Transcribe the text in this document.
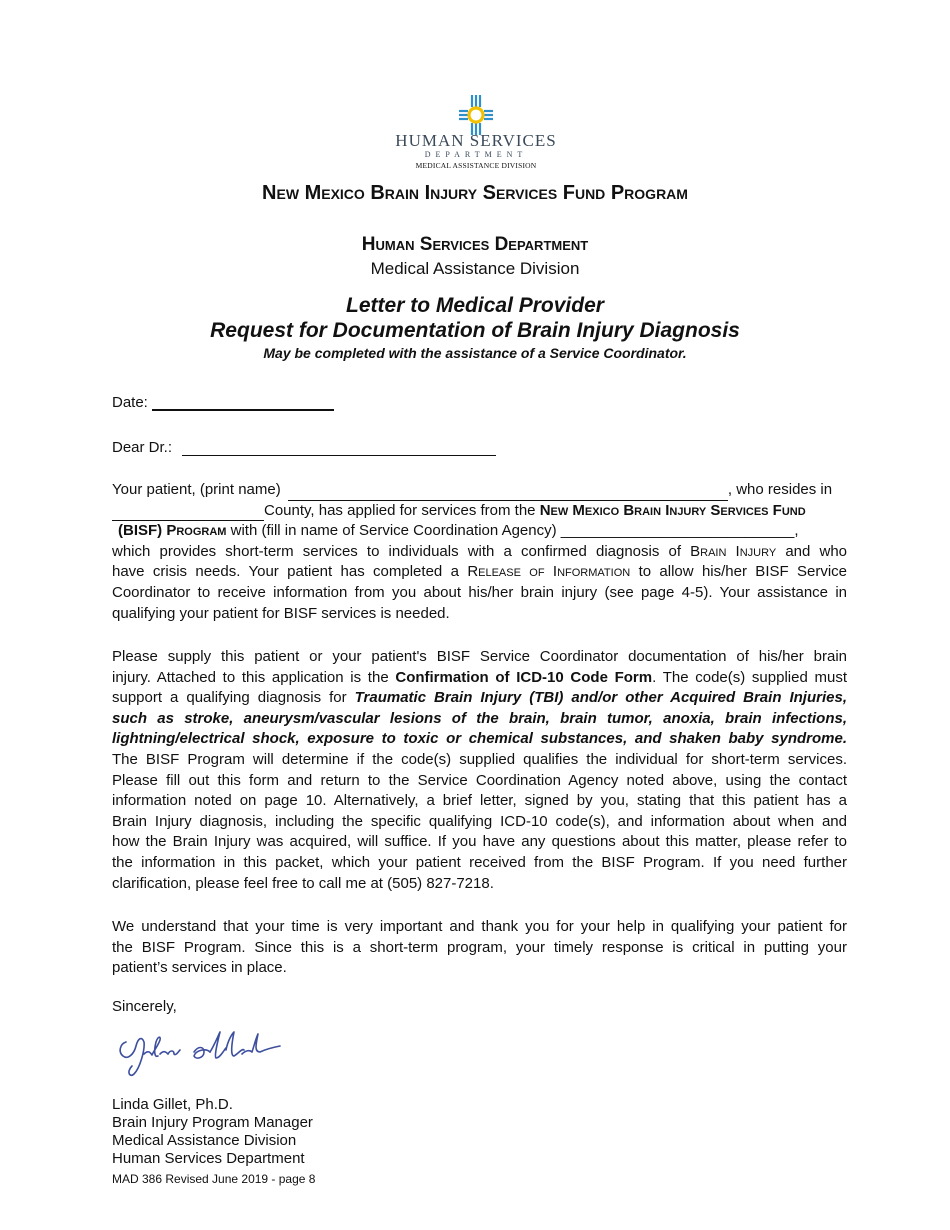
HUMAN SERVICES
DEPARTMENT
MEDICAL ASSISTANCE DIVISION
New Mexico Brain Injury Services Fund Program
Human Services Department
Medical Assistance Division
Letter to Medical Provider
Request for Documentation of Brain Injury Diagnosis
May be completed with the assistance of a Service Coordinator.
Date:
Dear Dr.:
Your patient, (print name)	, who resides in
County, has applied for services from the New Mexico Brain Injury Services Fund
(BISF) Program with (fill in name of Service Coordination Agency) ____________________________,
which provides short-term services to individuals with a confirmed diagnosis of Brain Injury and who
have crisis needs. Your patient has completed a Release of Information to allow his/her BISF Service
Coordinator to receive information from you about his/her brain injury (see page 4-5). Your assistance in
qualifying your patient for BISF services is needed.
Please supply this patient or your patient's BISF Service Coordinator documentation of his/her brain
injury. Attached to this application is the Confirmation of ICD-10 Code Form. The code(s) supplied must
support a qualifying diagnosis for Traumatic Brain Injury (TBI) and/or other Acquired Brain Injuries,
such as stroke, aneurysm/vascular lesions of the brain, brain tumor, anoxia, brain infections,
lightning/electrical shock, exposure to toxic or chemical substances, and shaken baby syndrome.
The BISF Program will determine if the code(s) supplied qualifies the individual for short-term services.
Please fill out this form and return to the Service Coordination Agency noted above, using the contact
information noted on page 10. Alternatively, a brief letter, signed by you, stating that this patient has a
Brain Injury diagnosis, including the specific qualifying ICD-10 code(s), and information about when and
how the Brain Injury was acquired, will suffice. If you have any questions about this matter, please refer to
the information in this packet, which your patient received from the BISF Program. If you need further
clarification, please feel free to call me at (505) 827-7218.
We understand that your time is very important and thank you for your help in qualifying your patient for
the BISF Program. Since this is a short-term program, your timely response is critical in putting your
patient’s services in place.
Sincerely,
Linda Gillet, Ph.D.
Brain Injury Program Manager
Medical Assistance Division
Human Services Department
MAD 386 Revised June 2019 - page 8
